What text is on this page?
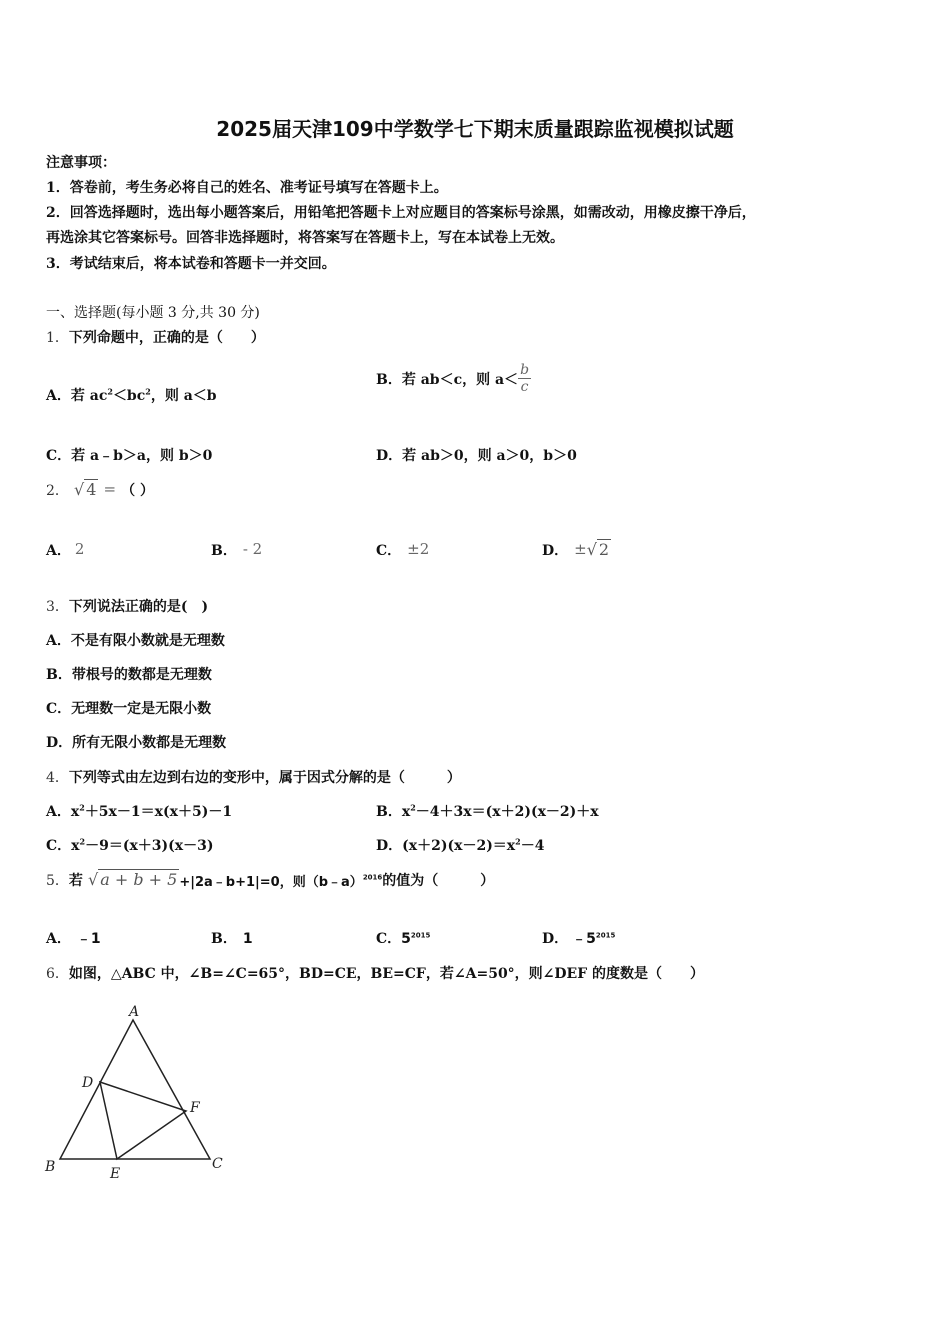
2025届天津109中学数学七下期末质量跟踪监视模拟试题
注意事项：
1．答卷前，考生务必将自己的姓名、准考证号填写在答题卡上。
2．回答选择题时，选出每小题答案后，用铅笔把答题卡上对应题目的答案标号涂黑，如需改动，用橡皮擦干净后，
再选涂其它答案标号。回答非选择题时，将答案写在答题卡上，写在本试卷上无效。
3．考试结束后，将本试卷和答题卡一并交回。
一、选择题(每小题 3 分,共 30 分)
1．下列命题中，正确的是（　　）
A．若 $ac^2<bc^2$，则 a＜b
B．若 ab＜c，则 $a< \frac{b}{c}$
C．若 a﹣b＞a，则 b＞0	D．若 ab＞0，则 a＞0，b＞0
2． √ 4 = （ ）
A． 2	B． - 2	C． ±2	D． ±√ 2
3．下列说法正确的是(　)
A．不是有限小数就是无理数
B．带根号的数都是无理数
C．无理数一定是无限小数
D．所有无限小数都是无理数
4．下列等式由左边到右边的变形中，属于因式分解的是（　　　）
A．$x^2+5x-1=x(x+5)-1$	B．$x^2-4+3x=(x+2)(x-2)+x$
C．$x^2-9=(x+3)(x-3)$	D．$(x+2)(x-2)=x^2-4$
5．若 √ a + b + 5 +|2a﹣b+1|=0，则（b﹣a）$^{2016}$的值为（　　　）
A． ﹣1	B． 1	C．$5^{2015}$	D． $﹣5^{2015}$
6．如图，△ABC 中，∠B=∠C=65°，BD=CE，BE=CF，若∠A=50°，则∠DEF 的度数是（　　）
A
B	C
D
E
F
